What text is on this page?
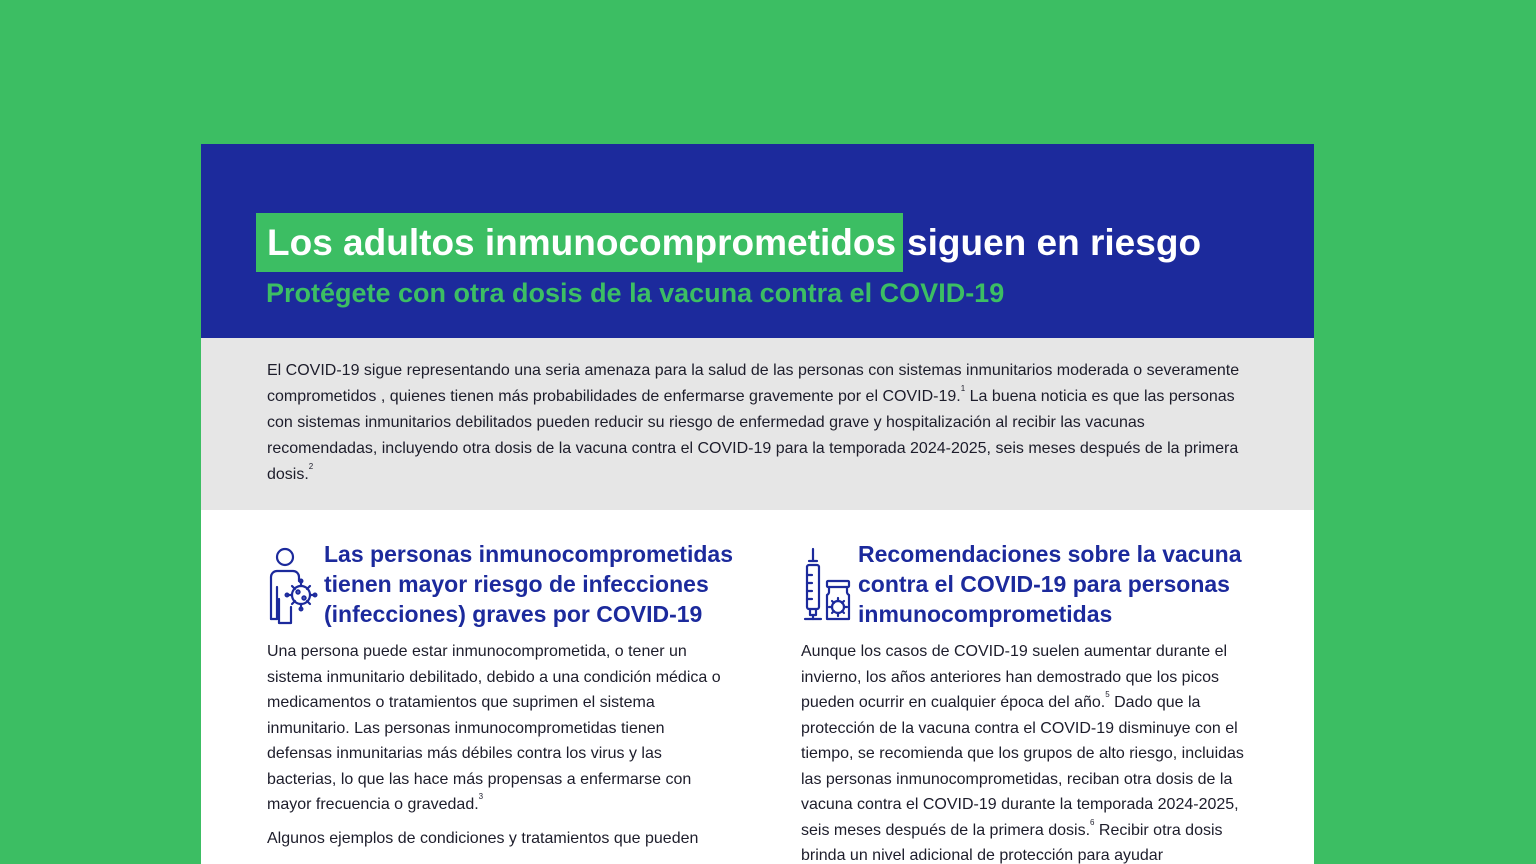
Los adultos inmunocomprometidos siguen en riesgo
Protégete con otra dosis de la vacuna contra el COVID-19
El COVID-19 sigue representando una seria amenaza para la salud de las personas con sistemas inmunitarios moderada o severamente comprometidos , quienes tienen más probabilidades de enfermarse gravemente por el COVID-19.$^1$ La buena noticia es que las personas con sistemas inmunitarios debilitados pueden reducir su riesgo de enfermedad grave y hospitalización al recibir las vacunas recomendadas, incluyendo otra dosis de la vacuna contra el COVID-19 para la temporada 2024-2025, seis meses después de la primera dosis.$^2$
Las personas inmunocomprometidas tienen mayor riesgo de infecciones (infecciones) graves por COVID-19

Una persona puede estar inmunocomprometida, o tener un sistema inmunitario debilitado, debido a una condición médica o medicamentos o tratamientos que suprimen el sistema inmunitario. Las personas inmunocomprometidas tienen defensas inmunitarias más débiles contra los virus y las bacterias, lo que las hace más propensas a enfermarse con mayor frecuencia o gravedad.$^3$

Algunos ejemplos de condiciones y tratamientos que pueden

Recomendaciones sobre la vacuna contra el COVID-19 para personas inmunocomprometidas

Aunque los casos de COVID-19 suelen aumentar durante el invierno, los años anteriores han demostrado que los picos pueden ocurrir en cualquier época del año.$^5$ Dado que la protección de la vacuna contra el COVID-19 disminuye con el tiempo, se recomienda que los grupos de alto riesgo, incluidas las personas inmunocomprometidas, reciban otra dosis de la vacuna contra el COVID-19 durante la temporada 2024-2025, seis meses después de la primera dosis.$^6$ Recibir otra dosis brinda un nivel adicional de protección para ayudar
